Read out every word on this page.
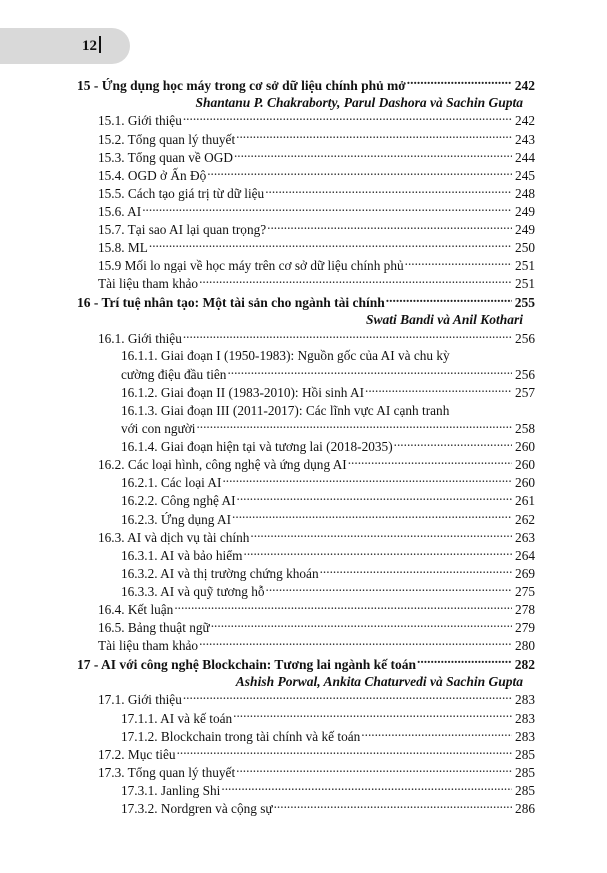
12
15 - Ứng dụng học máy trong cơ sở dữ liệu chính phủ mở .....	242
Shantanu P. Chakraborty, Parul Dashora và Sachin Gupta
15.1. Giới thiệu .....	242
15.2. Tổng quan lý thuyết .....	243
15.3. Tổng quan về OGD .....	244
15.4. OGD ở Ấn Độ .....	245
15.5. Cách tạo giá trị từ dữ liệu .....	248
15.6. AI .....	249
15.7. Tại sao AI lại quan trọng? .....	249
15.8. ML .....	250
15.9 Mối lo ngại về học máy trên cơ sở dữ liệu chính phủ .....	251
Tài liệu tham khảo .....	251
16 - Trí tuệ nhân tạo: Một tài sản cho ngành tài chính .....	255
Swati Bandi và Anil Kothari
16.1. Giới thiệu .....	256
16.1.1. Giai đoạn I (1950-1983): Nguồn gốc của AI và chu kỳ
cường điệu đầu tiên .....	256
16.1.2. Giai đoạn II (1983-2010): Hồi sinh AI .....	257
16.1.3. Giai đoạn III (2011-2017): Các lĩnh vực AI cạnh tranh
với con người .....	258
16.1.4. Giai đoạn hiện tại và tương lai (2018-2035) .....	260
16.2. Các loại hình, công nghệ và ứng dụng AI .....	260
16.2.1. Các loại AI .....	260
16.2.2. Công nghệ AI .....	261
16.2.3. Ứng dụng AI .....	262
16.3. AI và dịch vụ tài chính .....	263
16.3.1. AI và bảo hiểm .....	264
16.3.2. AI và thị trường chứng khoán .....	269
16.3.3. AI và quỹ tương hỗ .....	275
16.4. Kết luận .....	278
16.5. Bảng thuật ngữ .....	279
Tài liệu tham khảo .....	280
17 - AI với công nghệ Blockchain: Tương lai ngành kế toán .....	282
Ashish Porwal, Ankita Chaturvedi và Sachin Gupta
17.1. Giới thiệu .....	283
17.1.1. AI và kế toán .....	283
17.1.2. Blockchain trong tài chính và kế toán .....	283
17.2. Mục tiêu .....	285
17.3. Tổng quan lý thuyết .....	285
17.3.1. Janling Shi .....	285
17.3.2. Nordgren và cộng sự .....	286
